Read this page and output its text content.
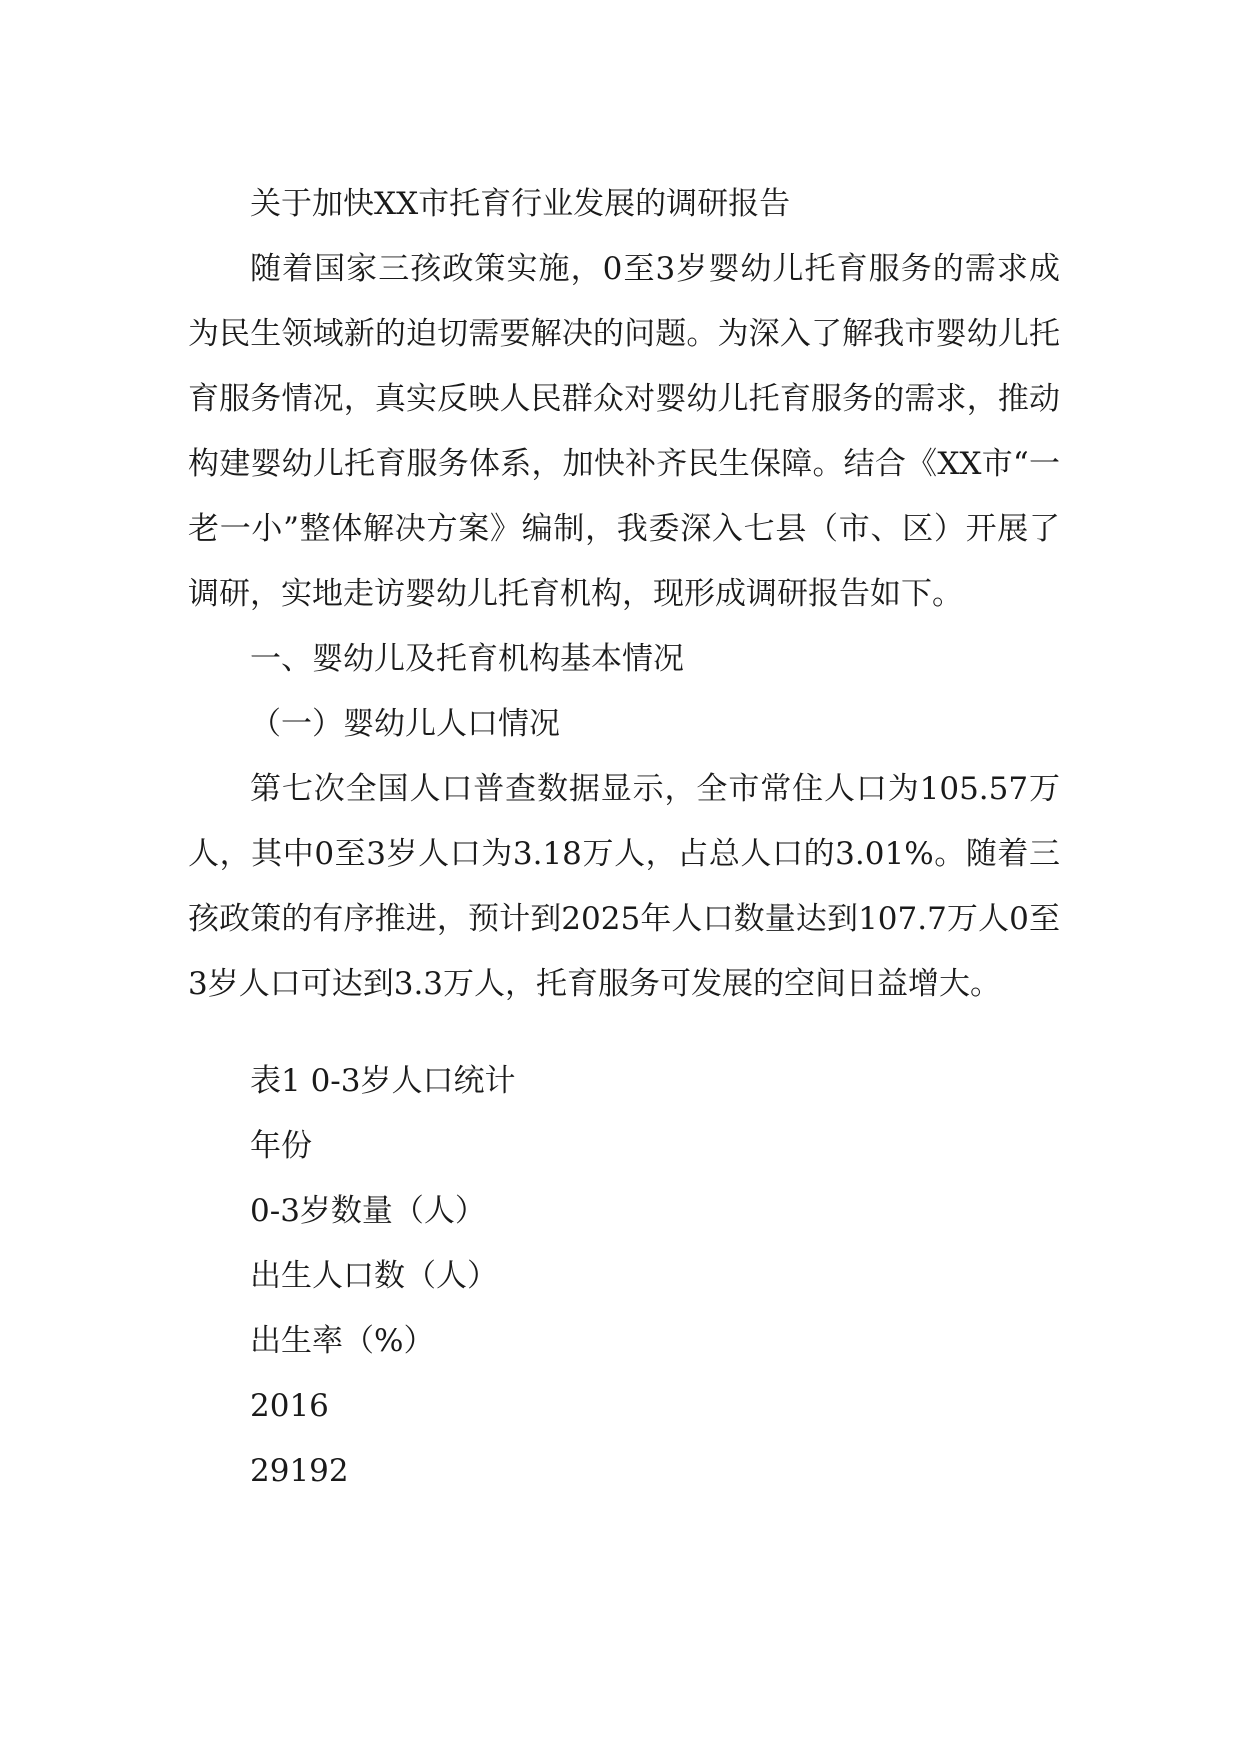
关于加快XX市托育行业发展的调研报告

随着国家三孩政策实施，0至3岁婴幼儿托育服务的需求成为民生领域新的迫切需要解决的问题。为深入了解我市婴幼儿托育服务情况，真实反映人民群众对婴幼儿托育服务的需求，推动构建婴幼儿托育服务体系，加快补齐民生保障。结合《XX市“一老一小”整体解决方案》编制，我委深入七县（市、区）开展了调研，实地走访婴幼儿托育机构，现形成调研报告如下。

一、婴幼儿及托育机构基本情况

（一）婴幼儿人口情况

第七次全国人口普查数据显示，全市常住人口为105.57万人，其中0至3岁人口为3.18万人，占总人口的3.01%。随着三孩政策的有序推进，预计到2025年人口数量达到107.7万人0至3岁人口可达到3.3万人，托育服务可发展的空间日益增大。

表1 0-3岁人口统计

年份

0-3岁数量（人）

出生人口数（人）

出生率（%）

2016

29192
